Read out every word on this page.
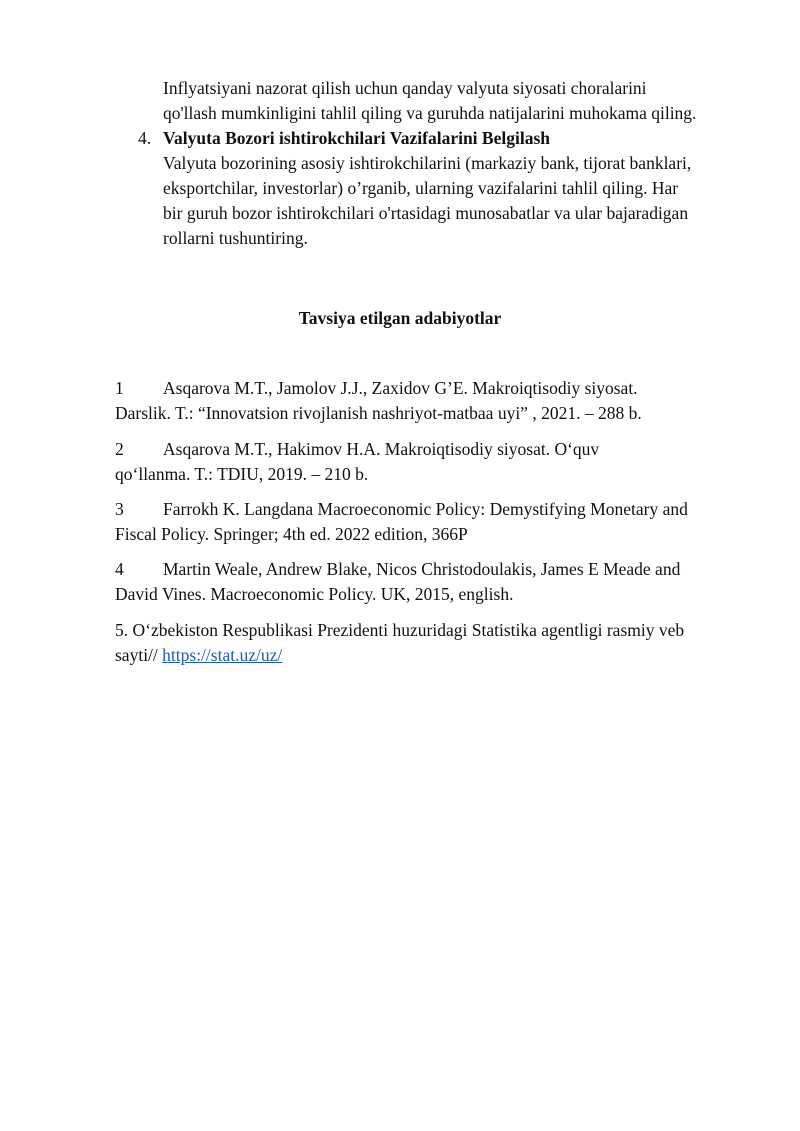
Inflyatsiyani nazorat qilish uchun qanday valyuta siyosati choralarini

qo'llash mumkinligini tahlil qiling va guruhda natijalarini muhokama qiling.

4. Valyuta Bozori ishtirokchilari Vazifalarini Belgilash

Valyuta bozorining asosiy ishtirokchilarini (markaziy bank, tijorat banklari,

eksportchilar, investorlar) o’rganib, ularning vazifalarini tahlil qiling. Har

bir guruh bozor ishtirokchilari o'rtasidagi munosabatlar va ular bajaradigan

rollarni tushuntiring.

Tavsiya etilgan adabiyotlar

1 Asqarova M.T., Jamolov J.J., Zaxidov G’E. Makroiqtisodiy siyosat.

Darslik. T.: “Innovatsion rivojlanish nashriyot-matbaa uyi” , 2021. – 288 b.

2 Asqarova M.T., Hakimov H.A. Makroiqtisodiy siyosat. O‘quv

qo‘llanma. T.: TDIU, 2019. – 210 b.

3 Farrokh K. Langdana Macroeconomic Policy: Demystifying Monetary and

Fiscal Policy. Springer; 4th ed. 2022 edition, 366P

4 Martin Weale, Andrew Blake, Nicos Christodoulakis, James E Meade and

David Vines. Macroeconomic Policy. UK, 2015, english.

5. O‘zbekiston Respublikasi Prezidenti huzuridagi Statistika agentligi rasmiy veb

sayti// https://stat.uz/uz/
